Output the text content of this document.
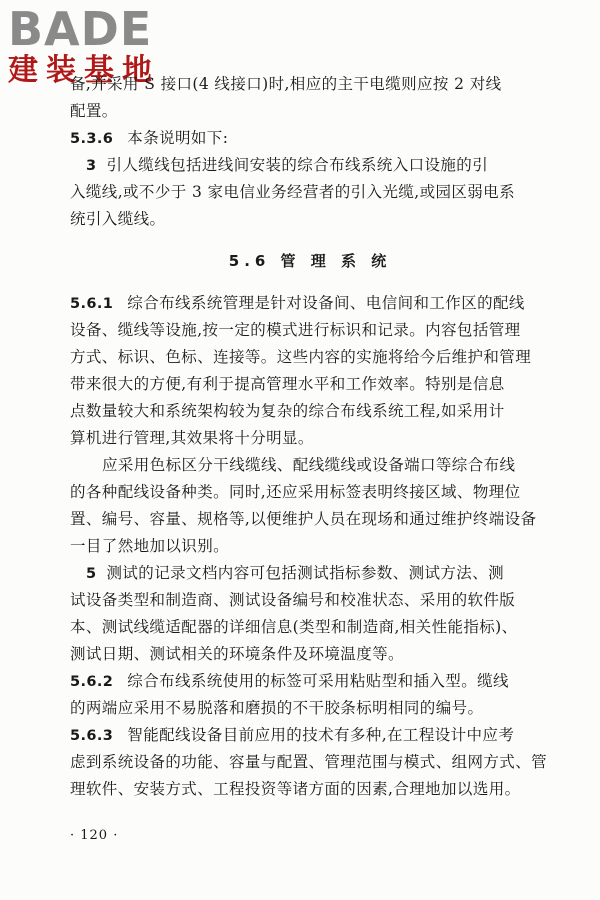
BADE
建装基地
备,并采用 S 接口(4 线接口)时,相应的主干电缆则应按 2 对线
配置。
5.3.6 本条说明如下:
3 引人缆线包括进线间安装的综合布线系统入口设施的引
入缆线,或不少于 3 家电信业务经营者的引入光缆,或园区弱电系
统引入缆线。
5.6 管 理 系 统
5.6.1 综合布线系统管理是针对设备间、电信间和工作区的配线
设备、缆线等设施,按一定的模式进行标识和记录。内容包括管理
方式、标识、色标、连接等。这些内容的实施将给今后维护和管理
带来很大的方便,有利于提高管理水平和工作效率。特别是信息
点数量较大和系统架构较为复杂的综合布线系统工程,如采用计
算机进行管理,其效果将十分明显。
应采用色标区分干线缆线、配线缆线或设备端口等综合布线
的各种配线设备种类。同时,还应采用标签表明终接区域、物理位
置、编号、容量、规格等,以便维护人员在现场和通过维护终端设备
一目了然地加以识别。
5 测试的记录文档内容可包括测试指标参数、测试方法、测
试设备类型和制造商、测试设备编号和校准状态、采用的软件版
本、测试线缆适配器的详细信息(类型和制造商,相关性能指标)、
测试日期、测试相关的环境条件及环境温度等。
5.6.2 综合布线系统使用的标签可采用粘贴型和插入型。缆线
的两端应采用不易脱落和磨损的不干胶条标明相同的编号。
5.6.3 智能配线设备目前应用的技术有多种,在工程设计中应考
虑到系统设备的功能、容量与配置、管理范围与模式、组网方式、管
理软件、安装方式、工程投资等诸方面的因素,合理地加以选用。
· 120 ·
